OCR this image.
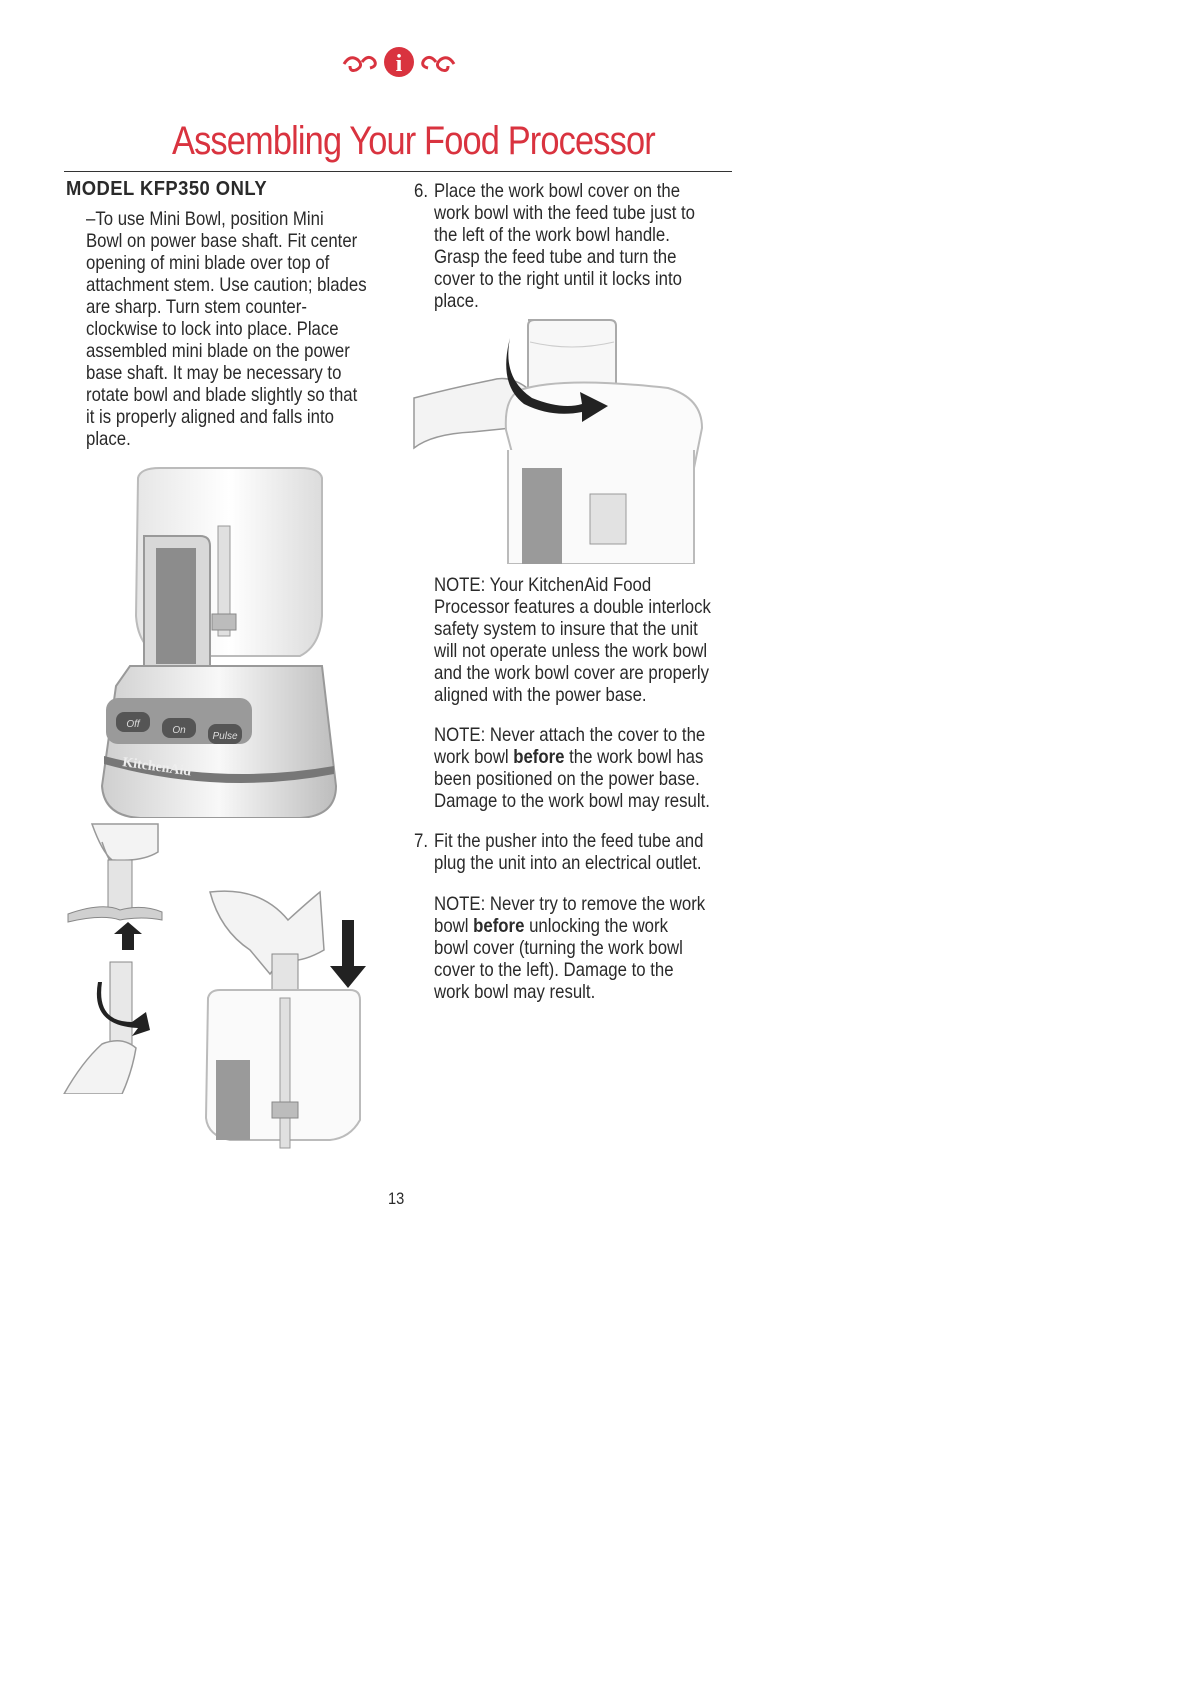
i
Assembling Your Food Processor
MODEL KFP350 ONLY
–To use Mini Bowl, position Mini
Bowl on power base shaft. Fit center
opening of mini blade over top of
attachment stem. Use caution; blades
are sharp. Turn stem counter-
clockwise to lock into place. Place
assembled mini blade on the power
base shaft. It may be necessary to
rotate bowl and blade slightly so that
it is properly aligned and falls into
place.
Off
On
Pulse
KitchenAid
6. Place the work bowl cover on the
work bowl with the feed tube just to
the left of the work bowl handle.
Grasp the feed tube and turn the
cover to the right until it locks into
place.
NOTE: Your KitchenAid Food
Processor features a double interlock
safety system to insure that the unit
will not operate unless the work bowl
and the work bowl cover are properly
aligned with the power base.
NOTE: Never attach the cover to the
work bowl before the work bowl has
been positioned on the power base.
Damage to the work bowl may result.
7. Fit the pusher into the feed tube and
plug the unit into an electrical outlet.
NOTE: Never try to remove the work
bowl before unlocking the work
bowl cover (turning the work bowl
cover to the left). Damage to the
work bowl may result.
13
